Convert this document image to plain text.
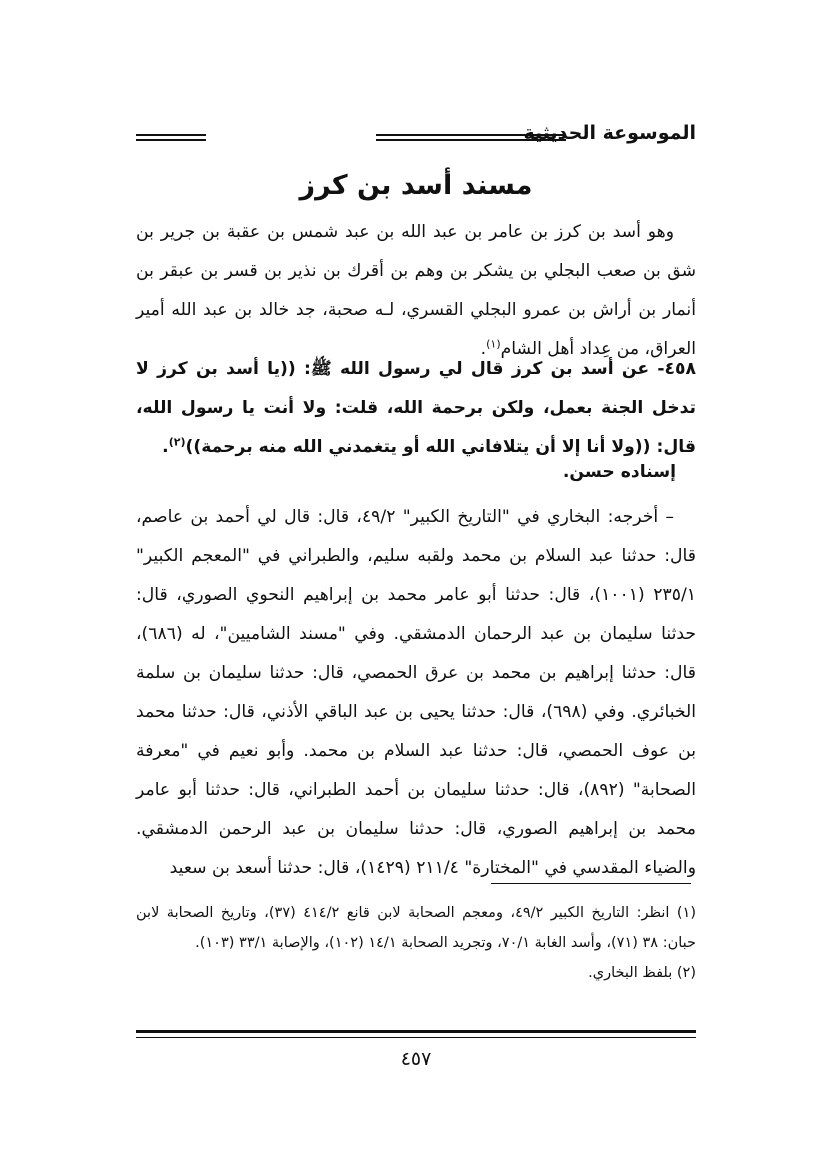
الموسوعة الحديثية
مسند أسد بن كرز

وهو أسد بن كرز بن عامر بن عبد الله بن عبد شمس بن عقبة بن جرير بن شق بن صعب البجلي بن يشكر بن وهم بن أقرك بن نذير بن قسر بن عبقر بن أنمار بن أراش بن عمرو البجلي القسري، لـه صحبة، جد خالد بن عبد الله أمير العراق، من عِداد أهل الشام$^{(١)}$.

٤٥٨- عن أسد بن كرز قال لي رسول الله ﷺ: ((يا أسد بن كرز لا تدخل الجنة بعمل، ولكن برحمة الله، قلت: ولا أنت يا رسول الله، قال: ((ولا أنا إلا أن يتلافاني الله أو يتغمدني الله منه برحمة))$^{(٢)}$.

إسناده حسن.

– أخرجه: البخاري في "التاريخ الكبير" ٤٩/٢، قال: قال لي أحمد بن عاصم، قال: حدثنا عبد السلام بن محمد ولقبه سليم، والطبراني في "المعجم الكبير" ٢٣٥/١ (١٠٠١)، قال: حدثنا أبو عامر محمد بن إبراهيم النحوي الصوري، قال: حدثنا سليمان بن عبد الرحمان الدمشقي. وفي "مسند الشاميين"، له (٦٨٦)، قال: حدثنا إبراهيم بن محمد بن عرق الحمصي، قال: حدثنا سليمان بن سلمة الخبائري. وفي (٦٩٨)، قال: حدثنا يحيى بن عبد الباقي الأذني، قال: حدثنا محمد بن عوف الحمصي، قال: حدثنا عبد السلام بن محمد. وأبو نعيم في "معرفة الصحابة" (٨٩٢)، قال: حدثنا سليمان بن أحمد الطبراني، قال: حدثنا أبو عامر محمد بن إبراهيم الصوري، قال: حدثنا سليمان بن عبد الرحمن الدمشقي. والضياء المقدسي في "المختارة" ٢١١/٤ (١٤٢٩)، قال: حدثنا أسعد بن سعيد

(١) انظر: التاريخ الكبير ٤٩/٢، ومعجم الصحابة لابن قانع ٤١٤/٢ (٣٧)، وتاريخ الصحابة لابن حبان: ٣٨ (٧١)، وأسد الغابة ٧٠/١، وتجريد الصحابة ١٤/١ (١٠٢)، والإصابة ٣٣/١ (١٠٣).

(٢) بلفظ البخاري.

٤٥٧
